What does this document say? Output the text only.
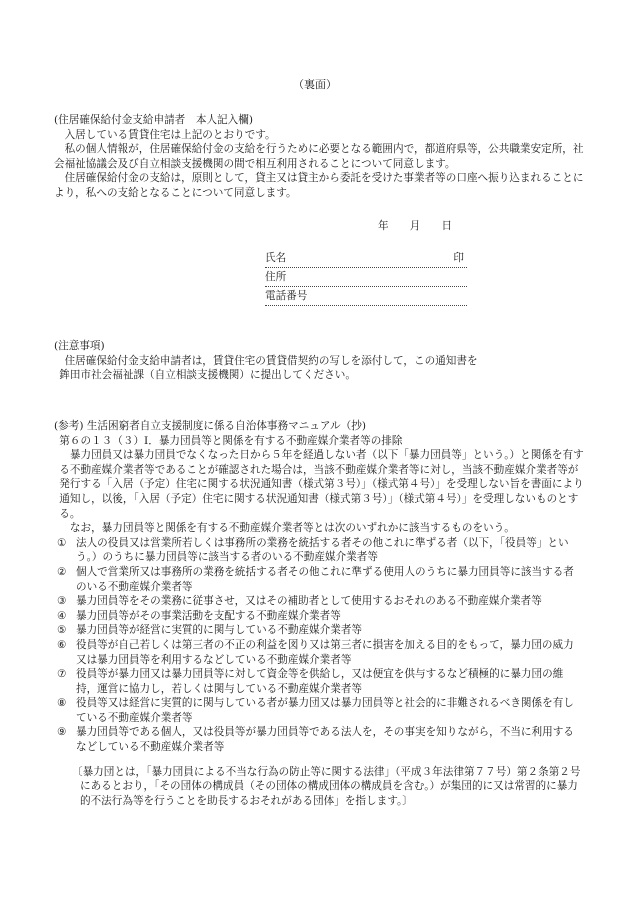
（裏面）

(住居確保給付金支給申請者　本人記入欄)

入居している賃貸住宅は上記のとおりです。

私の個人情報が，住居確保給付金の支給を行うために必要となる範囲内で，都道府県等，公共職業安定所，社会福祉協議会及び自立相談支援機関の間で相互利用されることについて同意します。

住居確保給付金の支給は，原則として，貸主又は貸主から委託を受けた事業者等の口座へ振り込まれることにより，私への支給となることについて同意します。

年　　月　　日
氏名	印
住所
電話番号

(注意事項)

住居確保給付金支給申請者は，賃貸住宅の賃貸借契約の写しを添付して，この通知書を

鉾田市社会福祉課（自立相談支援機関）に提出してください。

(参考) 生活困窮者自立支援制度に係る自治体事務マニュアル（抄)

第６の１３（３）Ⅰ．暴力団員等と関係を有する不動産媒介業者等の排除

暴力団員又は暴力団員でなくなった日から５年を経過しない者（以下「暴力団員等」という。）と関係を有する不動産媒介業者等であることが確認された場合は，当該不動産媒介業者等に対し，当該不動産媒介業者等が発行する「入居（予定）住宅に関する状況通知書（様式第３号）」（様式第４号）」を受理しない旨を書面により通知し，以後，「入居（予定）住宅に関する状況通知書（様式第３号）」（様式第４号）」を受理しないものとする。

なお，暴力団員等と関係を有する不動産媒介業者等とは次のいずれかに該当するものをいう。

① 法人の役員又は営業所若しくは事務所の業務を統括する者その他これに準ずる者（以下，「役員等」という。）のうちに暴力団員等に該当する者のいる不動産媒介業者等

② 個人で営業所又は事務所の業務を統括する者その他これに準ずる使用人のうちに暴力団員等に該当する者のいる不動産媒介業者等

③ 暴力団員等をその業務に従事させ，又はその補助者として使用するおそれのある不動産媒介業者等

④ 暴力団員等がその事業活動を支配する不動産媒介業者等

⑤ 暴力団員等が経営に実質的に関与している不動産媒介業者等

⑥ 役員等が自己若しくは第三者の不正の利益を図り又は第三者に損害を加える目的をもって，暴力団の威力又は暴力団員等を利用するなどしている不動産媒介業者等

⑦ 役員等が暴力団又は暴力団員等に対して資金等を供給し，又は便宜を供与するなど積極的に暴力団の維持，運営に協力し，若しくは関与している不動産媒介業者等

⑧ 役員等又は経営に実質的に関与している者が暴力団又は暴力団員等と社会的に非難されるべき関係を有している不動産媒介業者等

⑨ 暴力団員等である個人，又は役員等が暴力団員等である法人を，その事実を知りながら，不当に利用するなどしている不動産媒介業者等

〔暴力団とは，「暴力団員による不当な行為の防止等に関する法律」（平成３年法律第７７号）第２条第２号にあるとおり，「その団体の構成員（その団体の構成団体の構成員を含む。）が集団的に又は常習的に暴力的不法行為等を行うことを助長するおそれがある団体」を指します。〕
